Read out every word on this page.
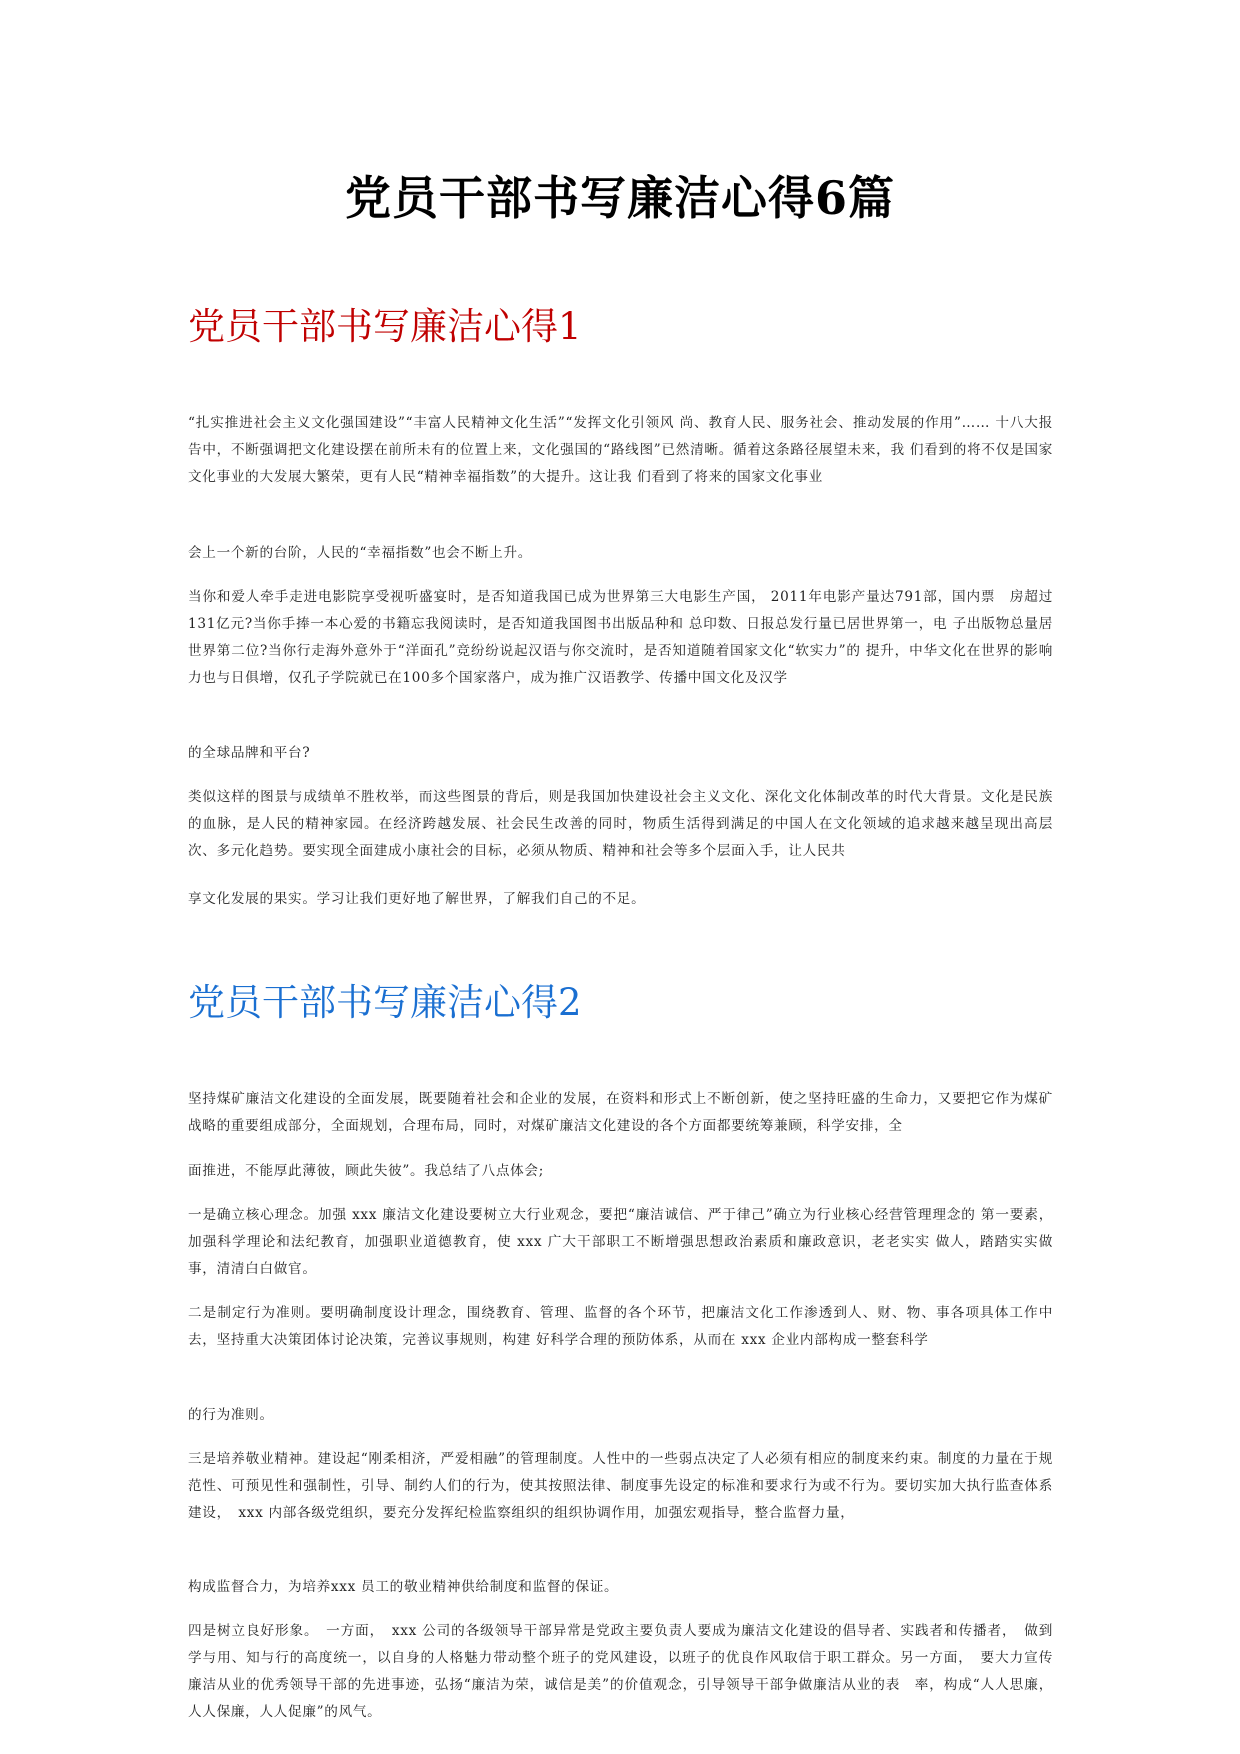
党员干部书写廉洁心得6篇
党员干部书写廉洁心得1
“扎实推进社会主义文化强国建设”“丰富人民精神文化生活”“发挥文化引领风 尚、教育人民、服务社会、推动发展的作用”…… 十八大报告中，不断强调把文化建设摆在前所未有的位置上来，文化强国的“路线图”已然清晰。循着这条路径展望未来，我 们看到的将不仅是国家文化事业的大发展大繁荣，更有人民“精神幸福指数”的大提升。这让我 们看到了将来的国家文化事业
会上一个新的台阶，人民的“幸福指数”也会不断上升。
当你和爱人牵手走进电影院享受视听盛宴时，是否知道我国已成为世界第三大电影生产国， 2011年电影产量达791部，国内票　房超过131亿元?当你手捧一本心爱的书籍忘我阅读时，是否知道我国图书出版品种和 总印数、日报总发行量已居世界第一，电 子出版物总量居世界第二位?当你行走海外意外于“洋面孔”竞纷纷说起汉语与你交流时，是否知道随着国家文化“软实力”的 提升，中华文化在世界的影响力也与日俱增，仅孔子学院就已在100多个国家落户，成为推广汉语教学、传播中国文化及汉学
的全球品牌和平台?
类似这样的图景与成绩单不胜枚举，而这些图景的背后，则是我国加快建设社会主义文化、深化文化体制改革的时代大背景。文化是民族的血脉，是人民的精神家园。在经济跨越发展、社会民生改善的同时，物质生活得到满足的中国人在文化领域的追求越来越呈现出高层次、多元化趋势。要实现全面建成小康社会的目标，必须从物质、精神和社会等多个层面入手，让人民共
享文化发展的果实。学习让我们更好地了解世界，了解我们自己的不足。
党员干部书写廉洁心得2
坚持煤矿廉洁文化建设的全面发展，既要随着社会和企业的发展，在资料和形式上不断创新，使之坚持旺盛的生命力，又要把它作为煤矿战略的重要组成部分，全面规划，合理布局，同时，对煤矿廉洁文化建设的各个方面都要统筹兼顾，科学安排，全
面推进，不能厚此薄彼，顾此失彼”。我总结了八点体会;
一是确立核心理念。加强 xxx 廉洁文化建设要树立大行业观念，要把“廉洁诚信、严于律己”确立为行业核心经营管理理念的 第一要素，加强科学理论和法纪教育，加强职业道德教育，使 xxx 广大干部职工不断增强思想政治素质和廉政意识，老老实实 做人，踏踏实实做事，清清白白做官。
二是制定行为准则。要明确制度设计理念，围绕教育、管理、监督的各个环节，把廉洁文化工作渗透到人、财、物、事各项具体工作中去，坚持重大决策团体讨论决策，完善议事规则，构建 好科学合理的预防体系，从而在 xxx 企业内部构成一整套科学
的行为准则。
三是培养敬业精神。建设起“刚柔相济，严爱相融”的管理制度。人性中的一些弱点决定了人必须有相应的制度来约束。制度的力量在于规范性、可预见性和强制性，引导、制约人们的行为，使其按照法律、制度事先设定的标准和要求行为或不行为。要切实加大执行监查体系建设，　xxx 内部各级党组织，要充分发挥纪检监察组织的组织协调作用，加强宏观指导，整合监督力量，
构成监督合力，为培养xxx 员工的敬业精神供给制度和监督的保证。
四是树立良好形象。　一方面，　xxx 公司的各级领导干部异常是党政主要负责人要成为廉洁文化建设的倡导者、实践者和传播者，　做到学与用、知与行的高度统一，以自身的人格魅力带动整个班子的党风建设，以班子的优良作风取信于职工群众。另一方面，　要大力宣传廉洁从业的优秀领导干部的先进事迹，弘扬“廉洁为荣，诚信是美”的价值观念，引导领导干部争做廉洁从业的表　率，构成“人人思廉，人人保廉，人人促廉”的风气。
